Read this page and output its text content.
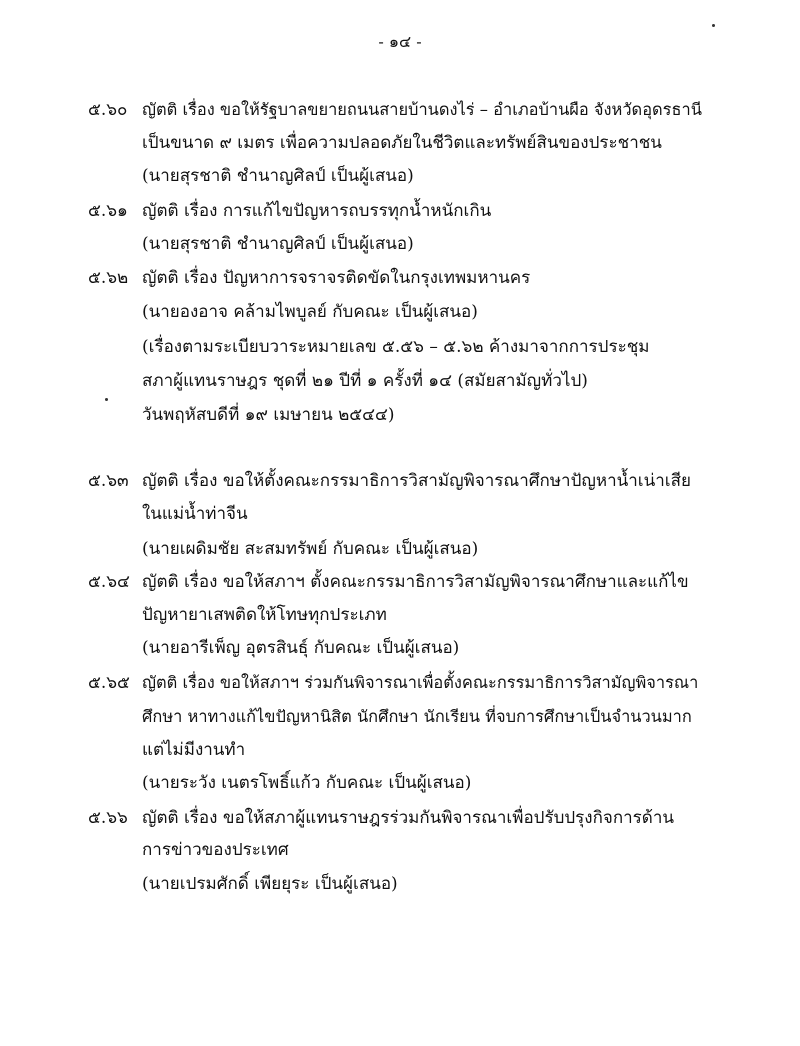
- ๑๔ -
๕.๖๐ ญัตติ เรื่อง ขอให้รัฐบาลขยายถนนสายบ้านดงไร่ – อำเภอบ้านผือ จังหวัดอุดรธานี
เป็นขนาด ๙ เมตร เพื่อความปลอดภัยในชีวิตและทรัพย์สินของประชาชน
(นายสุรชาติ ชำนาญศิลป์ เป็นผู้เสนอ)
๕.๖๑ ญัตติ เรื่อง การแก้ไขปัญหารถบรรทุกน้ำหนักเกิน
(นายสุรชาติ ชำนาญศิลป์ เป็นผู้เสนอ)
๕.๖๒ ญัตติ เรื่อง ปัญหาการจราจรติดขัดในกรุงเทพมหานคร
(นายองอาจ คล้ามไพบูลย์ กับคณะ เป็นผู้เสนอ)
(เรื่องตามระเบียบวาระหมายเลข ๕.๕๖ – ๕.๖๒ ค้างมาจากการประชุม
สภาผู้แทนราษฎร ชุดที่ ๒๑ ปีที่ ๑ ครั้งที่ ๑๔ (สมัยสามัญทั่วไป)
วันพฤหัสบดีที่ ๑๙ เมษายน ๒๕๔๔)
๕.๖๓ ญัตติ เรื่อง ขอให้ตั้งคณะกรรมาธิการวิสามัญพิจารณาศึกษาปัญหาน้ำเน่าเสีย
ในแม่น้ำท่าจีน
(นายเผดิมชัย สะสมทรัพย์ กับคณะ เป็นผู้เสนอ)
๕.๖๔ ญัตติ เรื่อง ขอให้สภาฯ ตั้งคณะกรรมาธิการวิสามัญพิจารณาศึกษาและแก้ไข
ปัญหายาเสพติดให้โทษทุกประเภท
(นายอารีเพ็ญ อุตรสินธุ์ กับคณะ เป็นผู้เสนอ)
๕.๖๕ ญัตติ เรื่อง ขอให้สภาฯ ร่วมกันพิจารณาเพื่อตั้งคณะกรรมาธิการวิสามัญพิจารณา
ศึกษา หาทางแก้ไขปัญหานิสิต นักศึกษา นักเรียน ที่จบการศึกษาเป็นจำนวนมาก
แต่ไม่มีงานทำ
(นายระวัง เนตรโพธิ์แก้ว กับคณะ เป็นผู้เสนอ)
๕.๖๖ ญัตติ เรื่อง ขอให้สภาผู้แทนราษฎรร่วมกันพิจารณาเพื่อปรับปรุงกิจการด้าน
การข่าวของประเทศ
(นายเปรมศักดิ์ เพียยุระ เป็นผู้เสนอ)
